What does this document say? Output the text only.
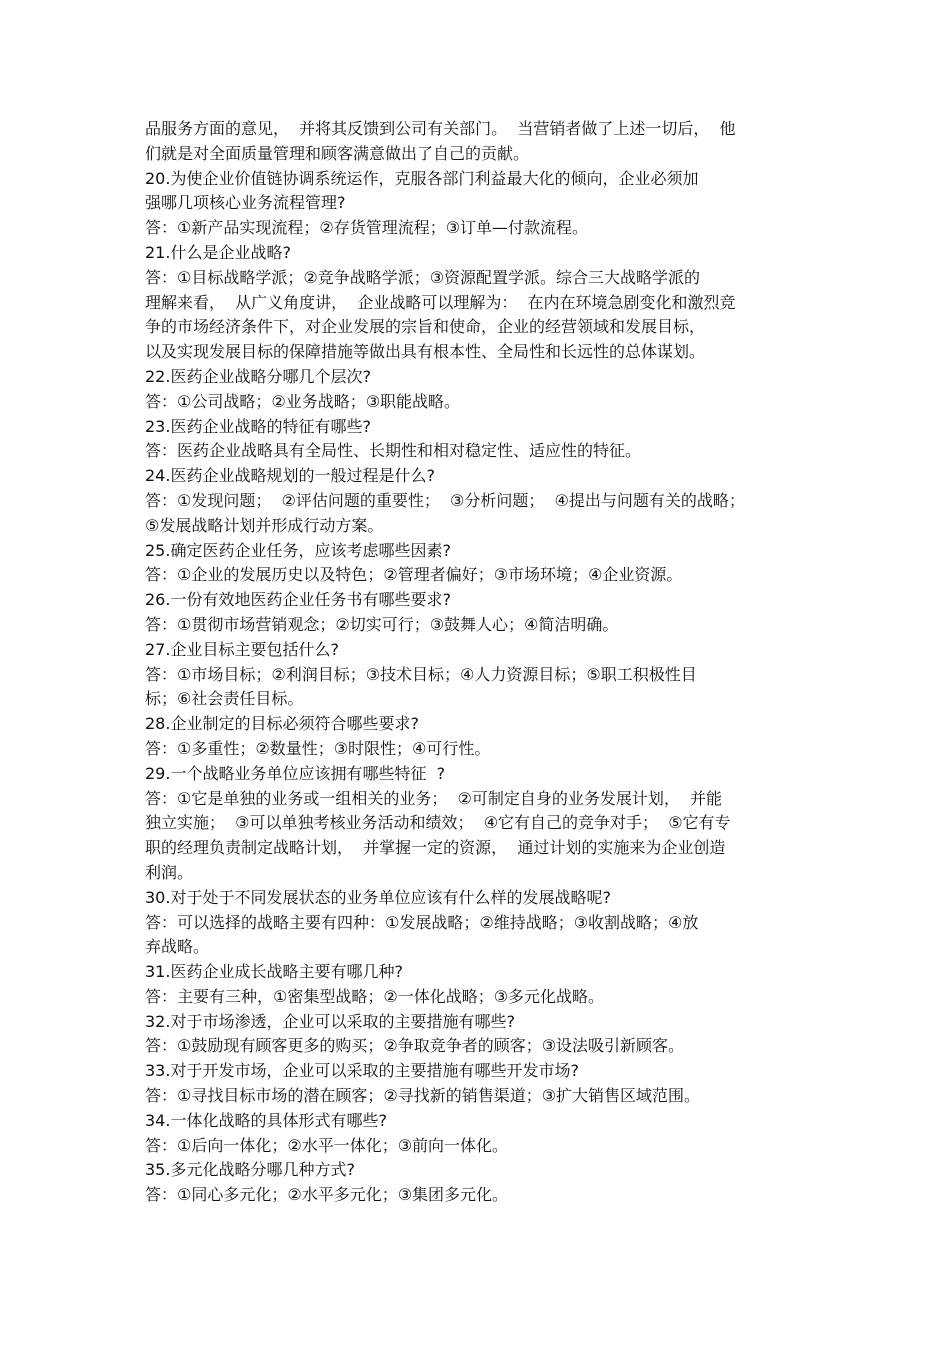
品服务方面的意见，  并将其反馈到公司有关部门。  当营销者做了上述一切后，  他
们就是对全面质量管理和顾客满意做出了自己的贡献。
20.为使企业价值链协调系统运作，克服各部门利益最大化的倾向，企业必须加
强哪几项核心业务流程管理?
答：①新产品实现流程；②存货管理流程；③订单—付款流程。
21.什么是企业战略?
答：①目标战略学派；②竞争战略学派；③资源配置学派。综合三大战略学派的
理解来看，  从广义角度讲，  企业战略可以理解为：  在内在环境急剧变化和激烈竞
争的市场经济条件下，对企业发展的宗旨和使命，企业的经营领域和发展目标，
以及实现发展目标的保障措施等做出具有根本性、全局性和长远性的总体谋划。
22.医药企业战略分哪几个层次?
答：①公司战略；②业务战略；③职能战略。
23.医药企业战略的特征有哪些?
答：医药企业战略具有全局性、长期性和相对稳定性、适应性的特征。
24.医药企业战略规划的一般过程是什么?
答：①发现问题；  ②评估问题的重要性；  ③分析问题；  ④提出与问题有关的战略；
⑤发展战略计划并形成行动方案。
25.确定医药企业任务，应该考虑哪些因素?
答：①企业的发展历史以及特色；②管理者偏好；③市场环境；④企业资源。
26.一份有效地医药企业任务书有哪些要求?
答：①贯彻市场营销观念；②切实可行；③鼓舞人心；④简洁明确。
27.企业目标主要包括什么?
答：①市场目标；②利润目标；③技术目标；④人力资源目标；⑤职工积极性目
标；⑥社会责任目标。
28.企业制定的目标必须符合哪些要求?
答：①多重性；②数量性；③时限性；④可行性。
29.一个战略业务单位应该拥有哪些特征  ?
答：①它是单独的业务或一组相关的业务；  ②可制定自身的业务发展计划，  并能
独立实施；  ③可以单独考核业务活动和绩效；  ④它有自己的竞争对手；  ⑤它有专
职的经理负责制定战略计划，  并掌握一定的资源，  通过计划的实施来为企业创造
利润。
30.对于处于不同发展状态的业务单位应该有什么样的发展战略呢?
答：可以选择的战略主要有四种：①发展战略；②维持战略；③收割战略；④放
弃战略。
31.医药企业成长战略主要有哪几种?
答：主要有三种，①密集型战略；②一体化战略；③多元化战略。
32.对于市场渗透，企业可以采取的主要措施有哪些?
答：①鼓励现有顾客更多的购买；②争取竞争者的顾客；③设法吸引新顾客。
33.对于开发市场，企业可以采取的主要措施有哪些开发市场?
答：①寻找目标市场的潜在顾客；②寻找新的销售渠道；③扩大销售区域范围。
34.一体化战略的具体形式有哪些?
答：①后向一体化；②水平一体化；③前向一体化。
35.多元化战略分哪几种方式?
答：①同心多元化；②水平多元化；③集团多元化。
